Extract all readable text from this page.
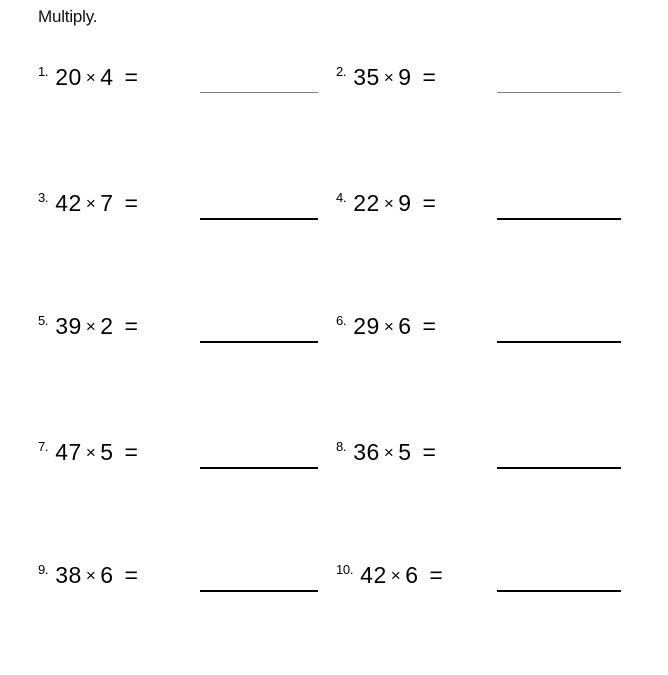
Multiply.
1. 20 × 4 =	2. 35 × 9 =
3. 42 × 7 =	4. 22 × 9 =
5. 39 × 2 =	6. 29 × 6 =
7. 47 × 5 =	8. 36 × 5 =
9. 38 × 6 =	10. 42 × 6 =
